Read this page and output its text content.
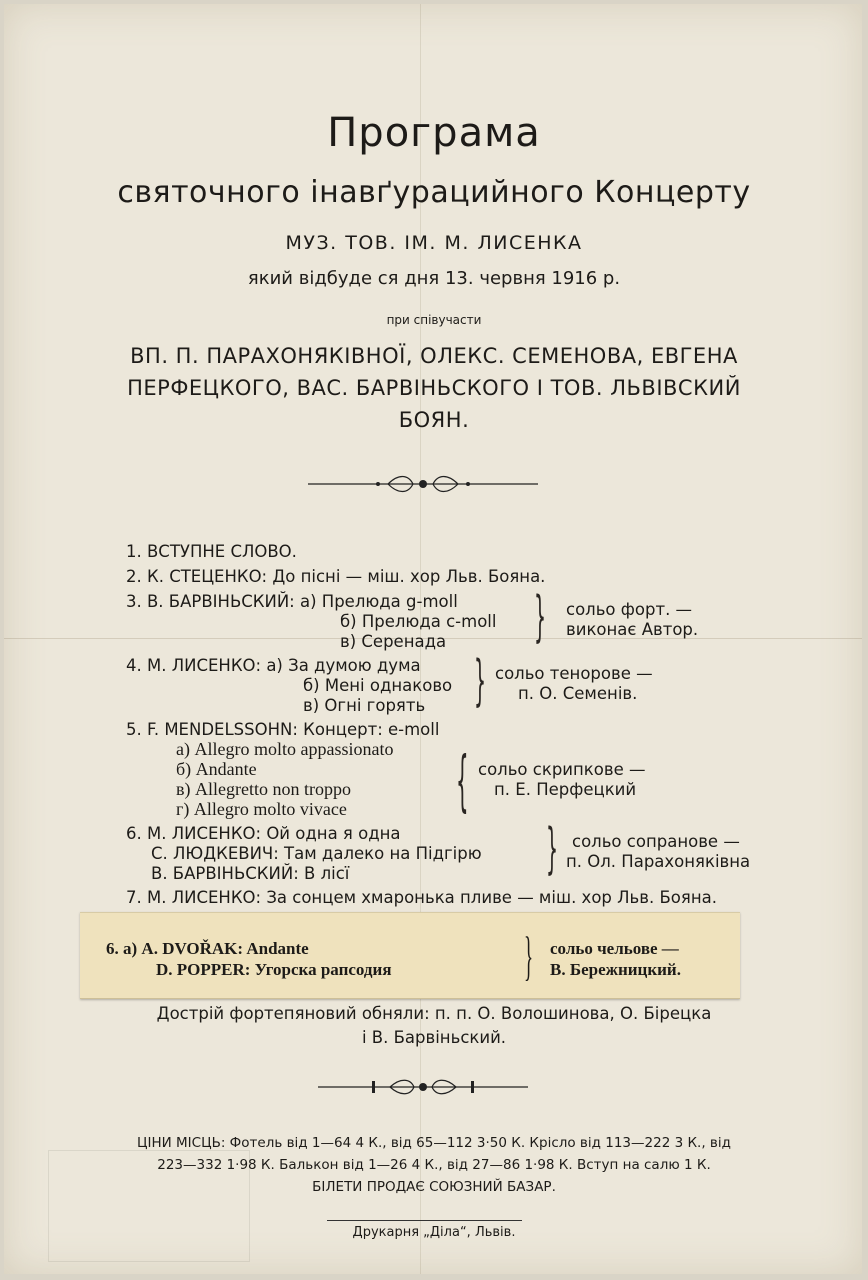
Програма
святочного інавґурацийного Концерту
МУЗ. ТОВ. ІМ. М. ЛИСЕНКА
який відбуде ся дня 13. червня 1916 р.
при співучасти
ВП. П. ПАРАХОНЯКІВНОЇ, ОЛЕКС. СЕМЕНОВА, ЕВГЕНА
ПЕРФЕЦКОГО, ВАС. БАРВІНЬСКОГО І ТОВ. ЛЬВІВСКИЙ
БОЯН.
1. ВСТУПНЕ СЛОВО.
2. К. СТЕЦЕНКО: До пісні — міш. хор Льв. Бояна.
3. В. БАРВІНЬСКИЙ: а) Прелюда g-moll
б) Прелюда c-moll
в) Серенада } сольо форт. —
виконає Автор.
4. М. ЛИСЕНКО: а) За думою дума
б) Мені однаково
в) Огні горять } сольо тенорове —
п. О. Семенів.
5. F. MENDELSSOHN: Концерт: e-moll
а) Allegro molto appassionato
б) Andante
в) Allegretto non troppo
г) Allegro molto vivace { сольо скрипкове —
п. Е. Перфецкий
6. М. ЛИСЕНКО: Ой одна я одна
С. ЛЮДКЕВИЧ: Там далеко на Підгірю
В. БАРВІНЬСКИЙ: В лісї	} сольо сопранове —
п. Ол. Парахоняківна
7. М. ЛИСЕНКО: За сонцем хмаронька пливе — міш. хор Льв. Бояна.
6. а) A. DVOŘAK: Andante
D. POPPER: Угорска рапсодия } сольо чельове —
В. Бережницкий.
Дострій фортепяновий обняли: п. п. О. Волошинова, О. Бірецка
і В. Барвіньский.
ЦІНИ МІСЦЬ: Фотель від 1—64 4 К., від 65—112 3·50 К. Крісло від 113—222 3 К., від
223—332 1·98 К. Балькон від 1—26 4 К., від 27—86 1·98 К. Вступ на салю 1 К.
БІЛЕТИ ПРОДАЄ СОЮЗНИЙ БАЗАР.
Друкарня „Діла“, Львів.
